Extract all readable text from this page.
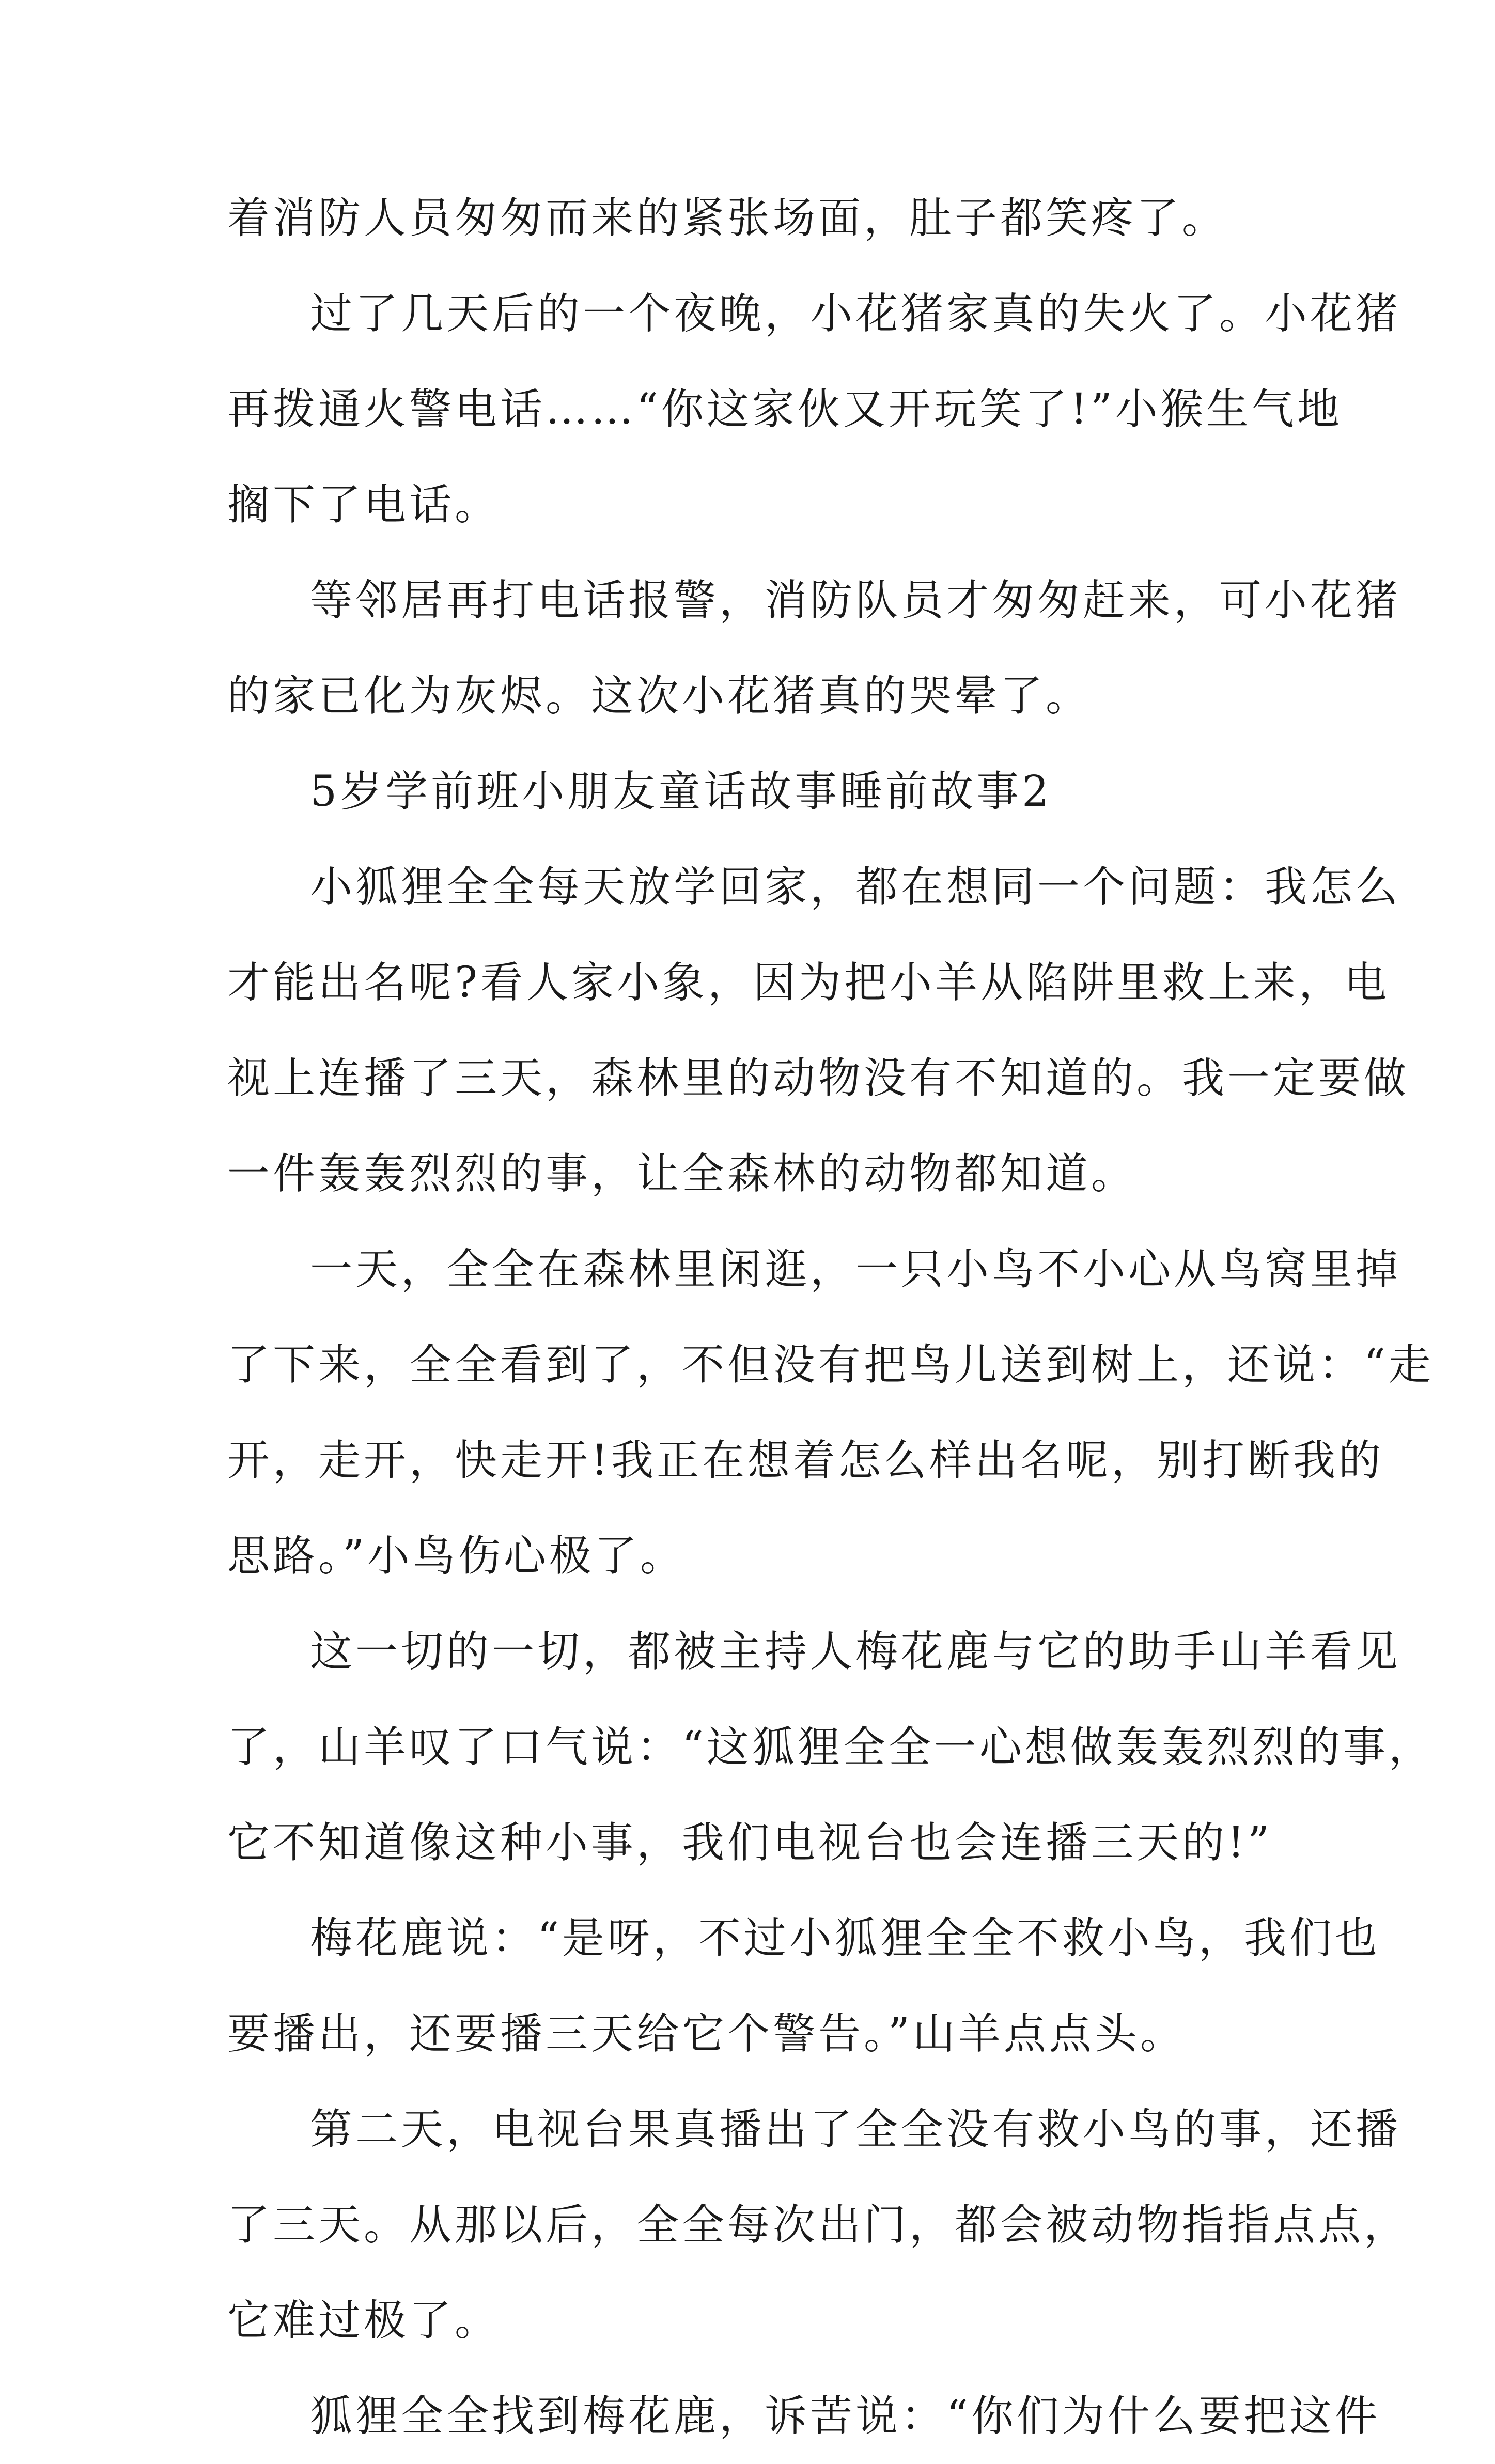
着消防人员匆匆而来的紧张场面，肚子都笑疼了。
过了几天后的一个夜晚，小花猪家真的失火了。小花猪
再拨通火警电话……“你这家伙又开玩笑了!”小猴生气地
搁下了电话。
等邻居再打电话报警，消防队员才匆匆赶来，可小花猪
的家已化为灰烬。这次小花猪真的哭晕了。
5岁学前班小朋友童话故事睡前故事2
小狐狸全全每天放学回家，都在想同一个问题：我怎么
才能出名呢?看人家小象，因为把小羊从陷阱里救上来，电
视上连播了三天，森林里的动物没有不知道的。我一定要做
一件轰轰烈烈的事，让全森林的动物都知道。
一天，全全在森林里闲逛，一只小鸟不小心从鸟窝里掉
了下来，全全看到了，不但没有把鸟儿送到树上，还说：“走
开，走开，快走开!我正在想着怎么样出名呢，别打断我的
思路。”小鸟伤心极了。
这一切的一切，都被主持人梅花鹿与它的助手山羊看见
了，山羊叹了口气说：“这狐狸全全一心想做轰轰烈烈的事，
它不知道像这种小事，我们电视台也会连播三天的!”
梅花鹿说：“是呀，不过小狐狸全全不救小鸟，我们也
要播出，还要播三天给它个警告。”山羊点点头。
第二天，电视台果真播出了全全没有救小鸟的事，还播
了三天。从那以后，全全每次出门，都会被动物指指点点，
它难过极了。
狐狸全全找到梅花鹿，诉苦说：“你们为什么要把这件
